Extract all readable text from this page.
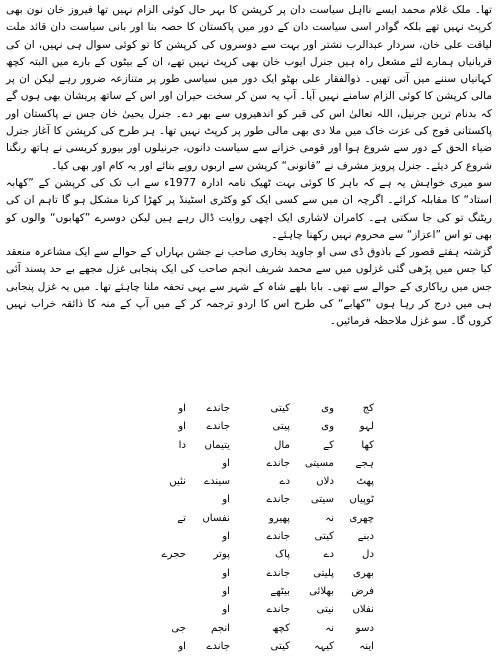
تھا۔ ملک غلام محمد ایسے نااہل سیاست دان پر کرپشن کا بہر حال کوئی الزام نہیں تھا فیروز خان نون بھی کرپٹ نہیں تھے بلکہ گوادر اسی سیاست دان کے دور میں پاکستان کا حصہ بنا اور بانی سیاست دان قائد ملت لیاقت علی خان، سردار عبدالرب نشتر اور بہت سے دوسروں کی کرپشن کا تو کوئی سوال ہی نہیں، ان کی قربانیاں ہمارے لئے مشعل راہ ہیں جنرل ایوب خان بھی کرپٹ نہیں تھے، ان کے بیٹوں کے بارے میں البتہ کچھ کہانیاں سننے میں آتی تھیں۔ ذوالفقار علی بھٹو ایک دور میں سیاسی طور پر متنازعہ ضرور رہے لیکن ان پر مالی کرپشن کا کوئی الزام سامنے نہیں آیا۔ آپ یہ سن کر سخت حیران اور اس کے ساتھ پریشان بھی ہوں گے کہ بدنام ترین جرنیل، اللہ تعالیٰ اس کی قبر کو اندھیروں سے بھر دے۔ جنرل یحییٰ خان جس نے پاکستان اور پاکستانی فوج کی عزت خاک میں ملا دی بھی مالی طور پر کرپٹ نہیں تھا۔ ہر طرح کی کرپشن کا آغاز جنرل ضیاء الحق کے دور سے شروع ہوا اور قومی خزانے سے سیاست دانوں، جرنیلوں اور بیورو کریسی نے ہاتھ رنگنا شروع کر دیئے۔ جنرل پرویز مشرف نے ”قانونی“ کرپشن سے اربوں روپے بنائے اور یہ کام اور بھی کیا۔

سو میری خواہش یہ ہے کہ باہر کا کوئی بہت ٹھیک نامہ ادارہ 1977ء سے اب تک کی کرپشن کے ”کھابہ استاد“ کا مقابلہ کرائے۔ اگرچہ ان میں سے کسی ایک کو وکٹری اسٹینڈ پر کھڑا کرنا مشکل ہو گا تاہم ان کی ریٹنگ تو کی جا سکتی ہے۔ کامران لاشاری ایک اچھی روایت ڈال رہے ہیں لیکن دوسرے ”کھابوں“ والوں کو بھی تو اس ”اعزاز“ سے محروم نہیں رکھنا چاہئے۔

گزشتہ ہفتے قصور کے باذوق ڈی سی او جاوید بخاری صاحب نے جشن بہاراں کے حوالے سے ایک مشاعرہ منعقد کیا جس میں پڑھی گئی غزلوں میں سے محمد شریف انجم صاحب کی ایک پنجابی غزل مجھے بے حد پسند آئی جس میں ریاکاری کے حوالے سے تھی۔ بابا بلھے شاہ کے شہر سے یہی تحفہ ملنا چاہئے تھا۔ میں یہ غزل پنجابی ہی میں درج کر رہا ہوں ”کھابے“ کی طرح اس کا اردو ترجمہ کر کے میں آپ کے منہ کا ذائقہ خراب نہیں کروں گا۔ سو غزل ملاحظہ فرمائیں۔

کج
وی
کیتی
جاندے
او
لہو
وی
پیتی
جاندے
او
کھا
کے
مال
یتیماں
دا
ہجے
مسیتی
جاندے
او
پھٹ
دلاں
دے
سیندے
نئیں
ٹوپیاں
سیتی
جاندے
او
چھری
نہ
پھیرو
نفساں
تے
دبنے
کیتی
جاندے
او
دل
دے
پاک
پوتر
حجرے
بھری
پلیتی
جاندے
او
فرض
بھلائی
بیٹھے
او
نفلاں
نیتی
جاندے
او
دسو
نہ
کچھ
انجم
جی
اینہ
کیہہ
کیتی
جاندے
او
